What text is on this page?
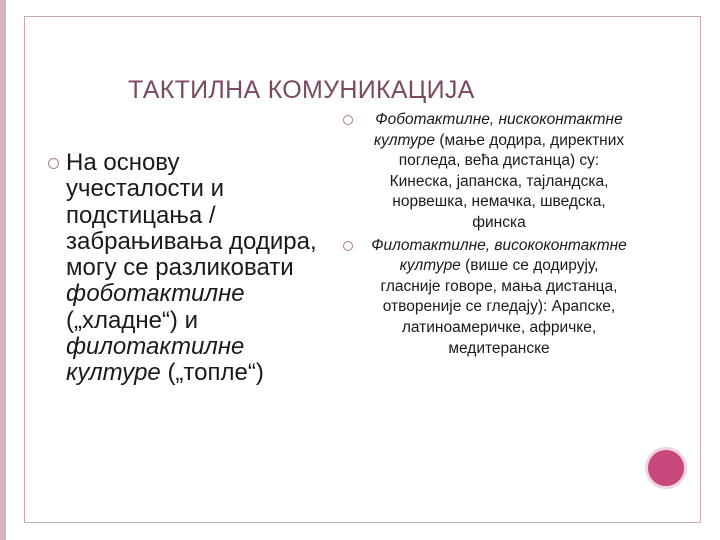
ТАКТИЛНА КОМУНИКАЦИЈА
На основу учесталости и подстицања / забрањивања додира, могу се разликовати фоботактилне („хладне“) и филотактилне културе („топле“)
Фоботактилне, нискоконтактне културе (мање додира, директних погледа, већа дистанца) су: Кинеска, јапанска, тајландска, норвешка, немачка, шведска, финска
Филотактилне, висококонтактне културе (више се додирују, гласније говоре, мања дистанца, отвореније се гледају): Арапске, латиноамеричке, афричке, медитеранске
